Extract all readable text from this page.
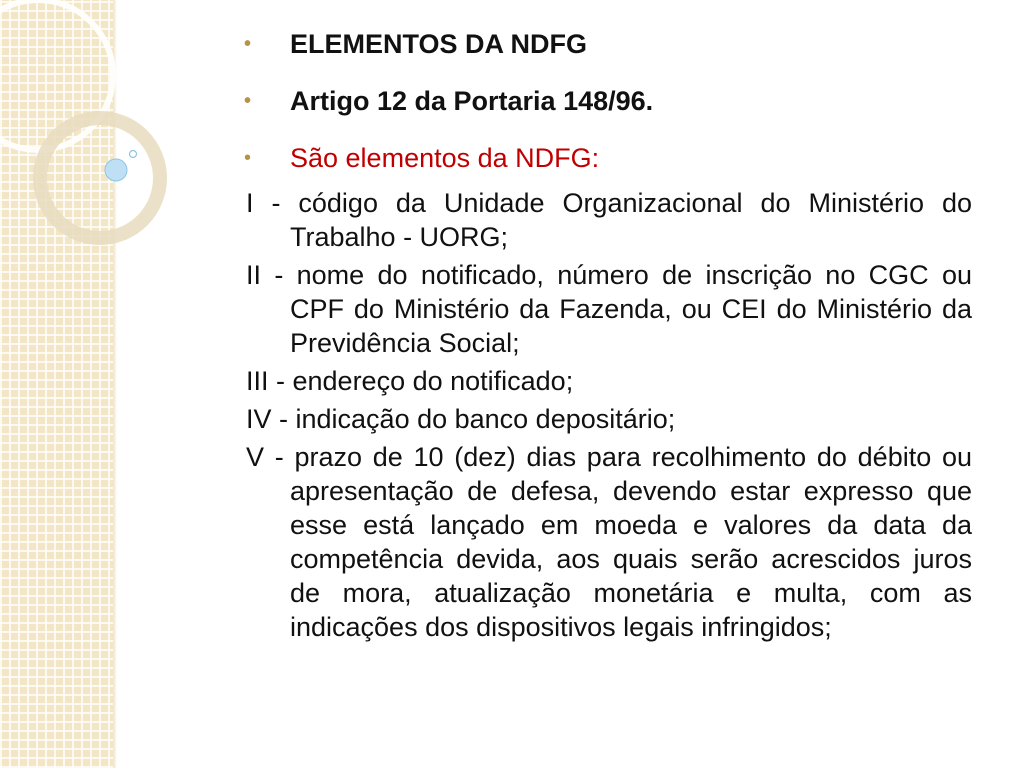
• ELEMENTOS DA NDFG
• Artigo 12 da Portaria 148/96.
• São elementos da NDFG:

I - código da Unidade Organizacional do Ministério do Trabalho - UORG;

II - nome do notificado, número de inscrição no CGC ou CPF do Ministério da Fazenda, ou CEI do Ministério da Previdência Social;

III - endereço do notificado;

IV - indicação do banco depositário;

V - prazo de 10 (dez) dias para recolhimento do débito ou apresentação de defesa, devendo estar expresso que esse está lançado em moeda e valores da data da competência devida, aos quais serão acrescidos juros de mora, atualização monetária e multa, com as indicações dos dispositivos legais infringidos;
